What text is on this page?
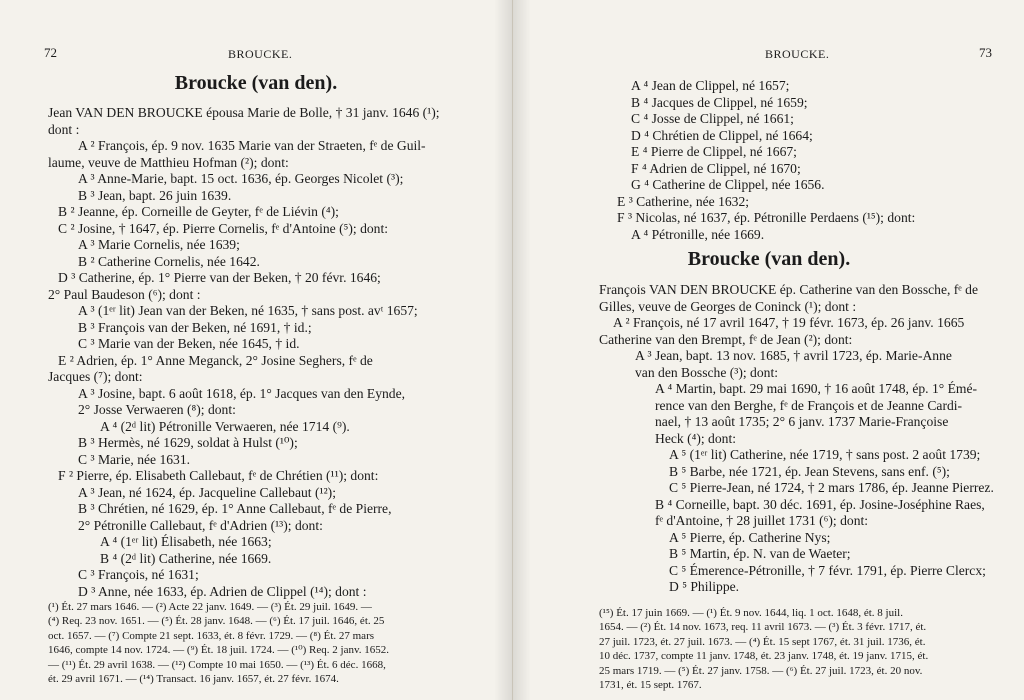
72	BROUCKE.
Broucke (van den).

Jean VAN DEN BROUCKE épousa Marie de Bolle, † 31 janv. 1646 (¹);

dont :

A ² François, ép. 9 nov. 1635 Marie van der Straeten, fᵉ de Guil-

laume, veuve de Matthieu Hofman (²); dont:

A ³ Anne-Marie, bapt. 15 oct. 1636, ép. Georges Nicolet (³);

B ³ Jean, bapt. 26 juin 1639.

B ² Jeanne, ép. Corneille de Geyter, fᵉ de Liévin (⁴);

C ² Josine, † 1647, ép. Pierre Cornelis, fᵉ d'Antoine (⁵); dont:

A ³ Marie Cornelis, née 1639;

B ² Catherine Cornelis, née 1642.

D ³ Catherine, ép. 1° Pierre van der Beken, † 20 févr. 1646;

2° Paul Baudeson (⁶); dont :

A ³ (1ᵉʳ lit) Jean van der Beken, né 1635, † sans post. avᵗ 1657;

B ³ François van der Beken, né 1691, † id.;

C ³ Marie van der Beken, née 1645, † id.

E ² Adrien, ép. 1° Anne Meganck, 2° Josine Seghers, fᵉ de

Jacques (⁷); dont:

A ³ Josine, bapt. 6 août 1618, ép. 1° Jacques van den Eynde,

2° Josse Verwaeren (⁸); dont:

A ⁴ (2ᵈ lit) Pétronille Verwaeren, née 1714 (⁹).

B ³ Hermès, né 1629, soldat à Hulst (¹⁰);

C ³ Marie, née 1631.

F ² Pierre, ép. Elisabeth Callebaut, fᵉ de Chrétien (¹¹); dont:

A ³ Jean, né 1624, ép. Jacqueline Callebaut (¹²);

B ³ Chrétien, né 1629, ép. 1° Anne Callebaut, fᵉ de Pierre,

2° Pétronille Callebaut, fᵉ d'Adrien (¹³); dont:

A ⁴ (1ᵉʳ lit) Élisabeth, née 1663;

B ⁴ (2ᵈ lit) Catherine, née 1669.

C ³ François, né 1631;

D ³ Anne, née 1633, ép. Adrien de Clippel (¹⁴); dont :

(¹) Ét. 27 mars 1646. — (²) Acte 22 janv. 1649. — (³) Ét. 29 juil. 1649. —

(⁴) Req. 23 nov. 1651. — (⁵) Ét. 28 janv. 1648. — (⁶) Ét. 17 juil. 1646, ét. 25

oct. 1657. — (⁷) Compte 21 sept. 1633, ét. 8 févr. 1729. — (⁸) Ét. 27 mars

1646, compte 14 nov. 1724. — (⁹) Ét. 18 juil. 1724. — (¹⁰) Req. 2 janv. 1652.

— (¹¹) Ét. 29 avril 1638. — (¹²) Compte 10 mai 1650. — (¹³) Ét. 6 déc. 1668,

ét. 29 avril 1671. — (¹⁴) Transact. 16 janv. 1657, ét. 27 févr. 1674.

BROUCKE.	73

A ⁴ Jean de Clippel, né 1657;

B ⁴ Jacques de Clippel, né 1659;

C ⁴ Josse de Clippel, né 1661;

D ⁴ Chrétien de Clippel, né 1664;

E ⁴ Pierre de Clippel, né 1667;

F ⁴ Adrien de Clippel, né 1670;

G ⁴ Catherine de Clippel, née 1656.

E ³ Catherine, née 1632;

F ³ Nicolas, né 1637, ép. Pétronille Perdaens (¹⁵); dont:

A ⁴ Pétronille, née 1669.

Broucke (van den).

François VAN DEN BROUCKE ép. Catherine van den Bossche, fᵉ de

Gilles, veuve de Georges de Coninck (¹); dont :

A ² François, né 17 avril 1647, † 19 févr. 1673, ép. 26 janv. 1665

Catherine van den Brempt, fᵉ de Jean (²); dont:

A ³ Jean, bapt. 13 nov. 1685, † avril 1723, ép. Marie-Anne

van den Bossche (³); dont:

A ⁴ Martin, bapt. 29 mai 1690, † 16 août 1748, ép. 1° Émé-

rence van den Berghe, fᵉ de François et de Jeanne Cardi-

nael, † 13 août 1735; 2° 6 janv. 1737 Marie-Françoise

Heck (⁴); dont:

A ⁵ (1ᵉʳ lit) Catherine, née 1719, † sans post. 2 août 1739;

B ⁵ Barbe, née 1721, ép. Jean Stevens, sans enf. (⁵);

C ⁵ Pierre-Jean, né 1724, † 2 mars 1786, ép. Jeanne Pierrez.

B ⁴ Corneille, bapt. 30 déc. 1691, ép. Josine-Joséphine Raes,

fᵉ d'Antoine, † 28 juillet 1731 (⁶); dont:

A ⁵ Pierre, ép. Catherine Nys;

B ⁵ Martin, ép. N. van de Waeter;

C ⁵ Émerence-Pétronille, † 7 févr. 1791, ép. Pierre Clercx;

D ⁵ Philippe.

(¹⁵) Ét. 17 juin 1669. — (¹) Ét. 9 nov. 1644, liq. 1 oct. 1648, ét. 8 juil.

1654. — (²) Ét. 14 nov. 1673, req. 11 avril 1673. — (³) Ét. 3 févr. 1717, ét.

27 juil. 1723, ét. 27 juil. 1673. — (⁴) Ét. 15 sept 1767, ét. 31 juil. 1736, ét.

10 déc. 1737, compte 11 janv. 1748, ét. 23 janv. 1748, ét. 19 janv. 1715, ét.

25 mars 1719. — (⁵) Ét. 27 janv. 1758. — (⁶) Ét. 27 juil. 1723, ét. 20 nov.

1731, ét. 15 sept. 1767.
